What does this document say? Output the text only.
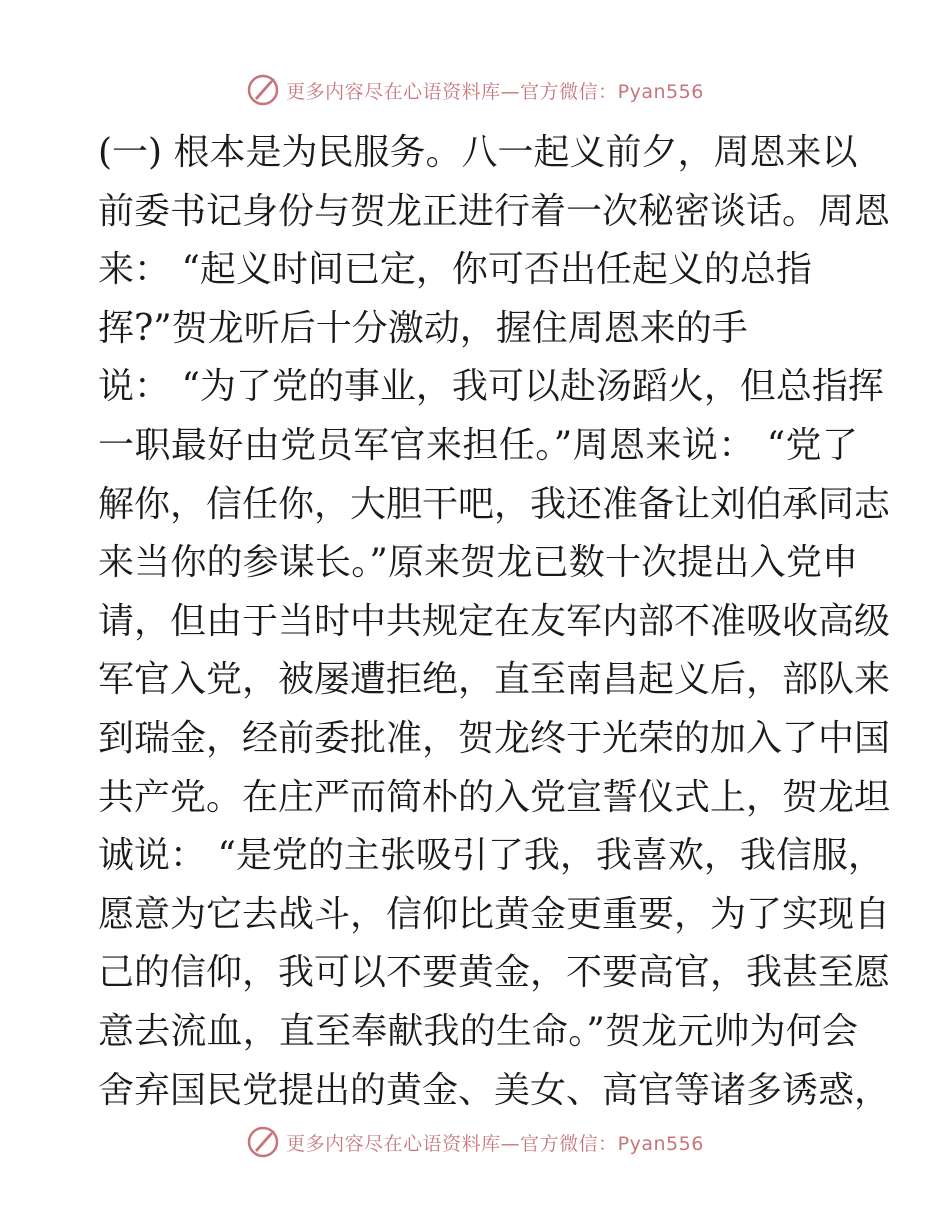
更多内容尽在心语资料库—官方微信：Pyan556
(一) 根本是为民服务。八一起义前夕，周恩来以
前委书记身份与贺龙正进行着一次秘密谈话。周恩
来： “起义时间已定，你可否出任起义的总指
挥?”贺龙听后十分激动，握住周恩来的手
说： “为了党的事业，我可以赴汤蹈火，但总指挥
一职最好由党员军官来担任。”周恩来说： “党了
解你，信任你，大胆干吧，我还准备让刘伯承同志
来当你的参谋长。”原来贺龙已数十次提出入党申
请，但由于当时中共规定在友军内部不准吸收高级
军官入党，被屡遭拒绝，直至南昌起义后，部队来
到瑞金，经前委批准，贺龙终于光荣的加入了中国
共产党。在庄严而简朴的入党宣誓仪式上，贺龙坦
诚说： “是党的主张吸引了我，我喜欢，我信服，
愿意为它去战斗，信仰比黄金更重要，为了实现自
己的信仰，我可以不要黄金，不要高官，我甚至愿
意去流血，直至奉献我的生命。”贺龙元帅为何会
舍弃国民党提出的黄金、美女、高官等诸多诱惑，
更多内容尽在心语资料库—官方微信：Pyan556
